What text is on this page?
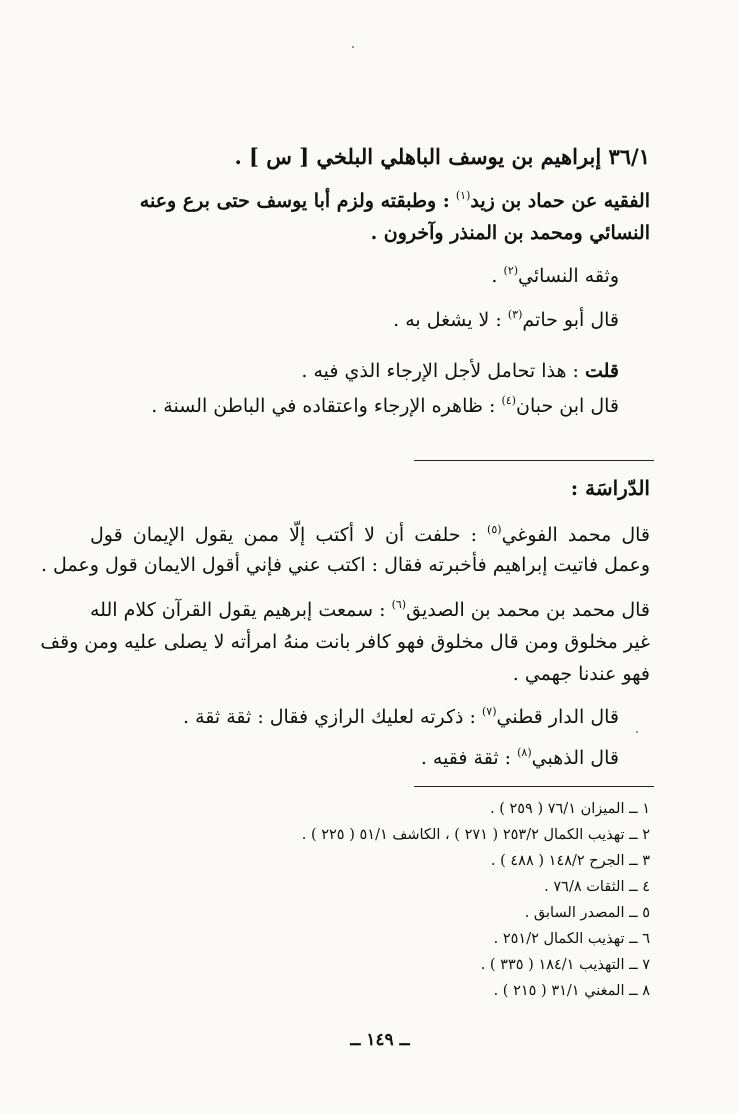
٣٦/١ إبراهيم بن يوسف الباهلي البلخي [ س ] .
الفقيه عن حماد بن زيد$^{(١)}$ : وطبقته ولزم أبا يوسف حتى برع وعنه
النسائي ومحمد بن المنذر وآخرون .
وثقه النسائي$^{(٢)}$ .
قال أبو حاتم$^{(٣)}$ : لا يشغل به .
قلت : هذا تحامل لأجل الإرجاء الذي فيه .
قال ابن حبان$^{(٤)}$ : ظاهره الإرجاء واعتقاده في الباطن السنة .
الدّراسَة :
قال محمد الفوغي$^{(٥)}$ : حلفت أن لا أكتب إلّا ممن يقول الإيمان قول
وعمل فاتيت إبراهيم فأخبرته فقال : اكتب عني فإني أقول الايمان قول وعمل .
قال محمد بن محمد بن الصديق$^{(٦)}$ : سمعت إبرهيم يقول القرآن كلام الله
غير مخلوق ومن قال مخلوق فهو كافر بانت منهُ امرأته لا يصلى عليه ومن وقف
فهو عندنا جهمي .
قال الدار قطني$^{(٧)}$ : ذكرته لعليك الرازي فقال : ثقة ثقة .
قال الذهبي$^{(٨)}$ : ثقة فقيه .
١ ــ الميزان ٧٦/١ ( ٢٥٩ ) .
٢ ــ تهذيب الكمال ٢٥٣/٢ ( ٢٧١ ) ، الكاشف ٥١/١ ( ٢٢٥ ) .
٣ ــ الجرح ١٤٨/٢ ( ٤٨٨ ) .
٤ ــ الثقات ٧٦/٨ .
٥ ــ المصدر السابق .
٦ ــ تهذيب الكمال ٢٥١/٢ .
٧ ــ التهذيب ١٨٤/١ ( ٣٣٥ ) .
٨ ــ المغني ٣١/١ ( ٢١٥ ) .
ــ ١٤٩ ــ
